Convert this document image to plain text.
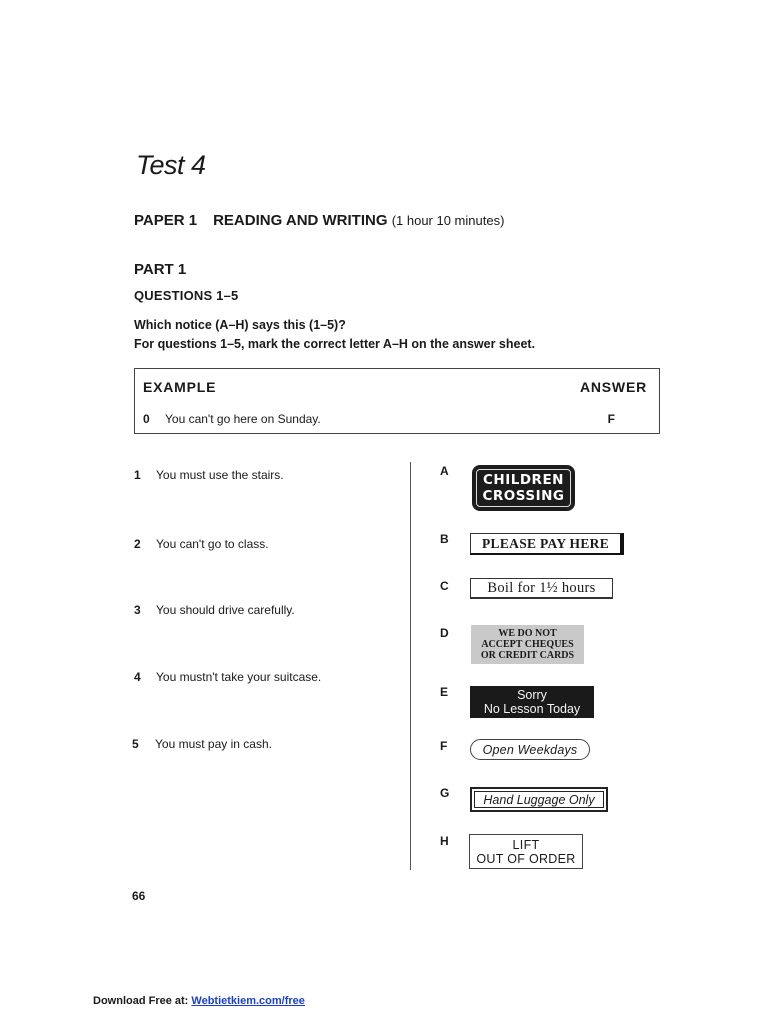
Test 4
PAPER 1 READING AND WRITING (1 hour 10 minutes)
PART 1
QUESTIONS 1–5
Which notice (A–H) says this (1–5)?
For questions 1–5, mark the correct letter A–H on the answer sheet.
EXAMPLE	ANSWER
0 You can't go here on Sunday.	F
1 You must use the stairs.
2 You can't go to class.
3 You should drive carefully.
4 You mustn't take your suitcase.
5 You must pay in cash.
A
CHILDREN
CROSSING
B PLEASE PAY HERE
C	Boil for 1½ hours
D	WE DO NOT
ACCEPT CHEQUES
OR CREDIT CARDS
E	Sorry
No Lesson Today
F	Open Weekdays
G	Hand Luggage Only
H	LIFT
OUT OF ORDER
66
Download Free at: Webtietkiem.com/free
